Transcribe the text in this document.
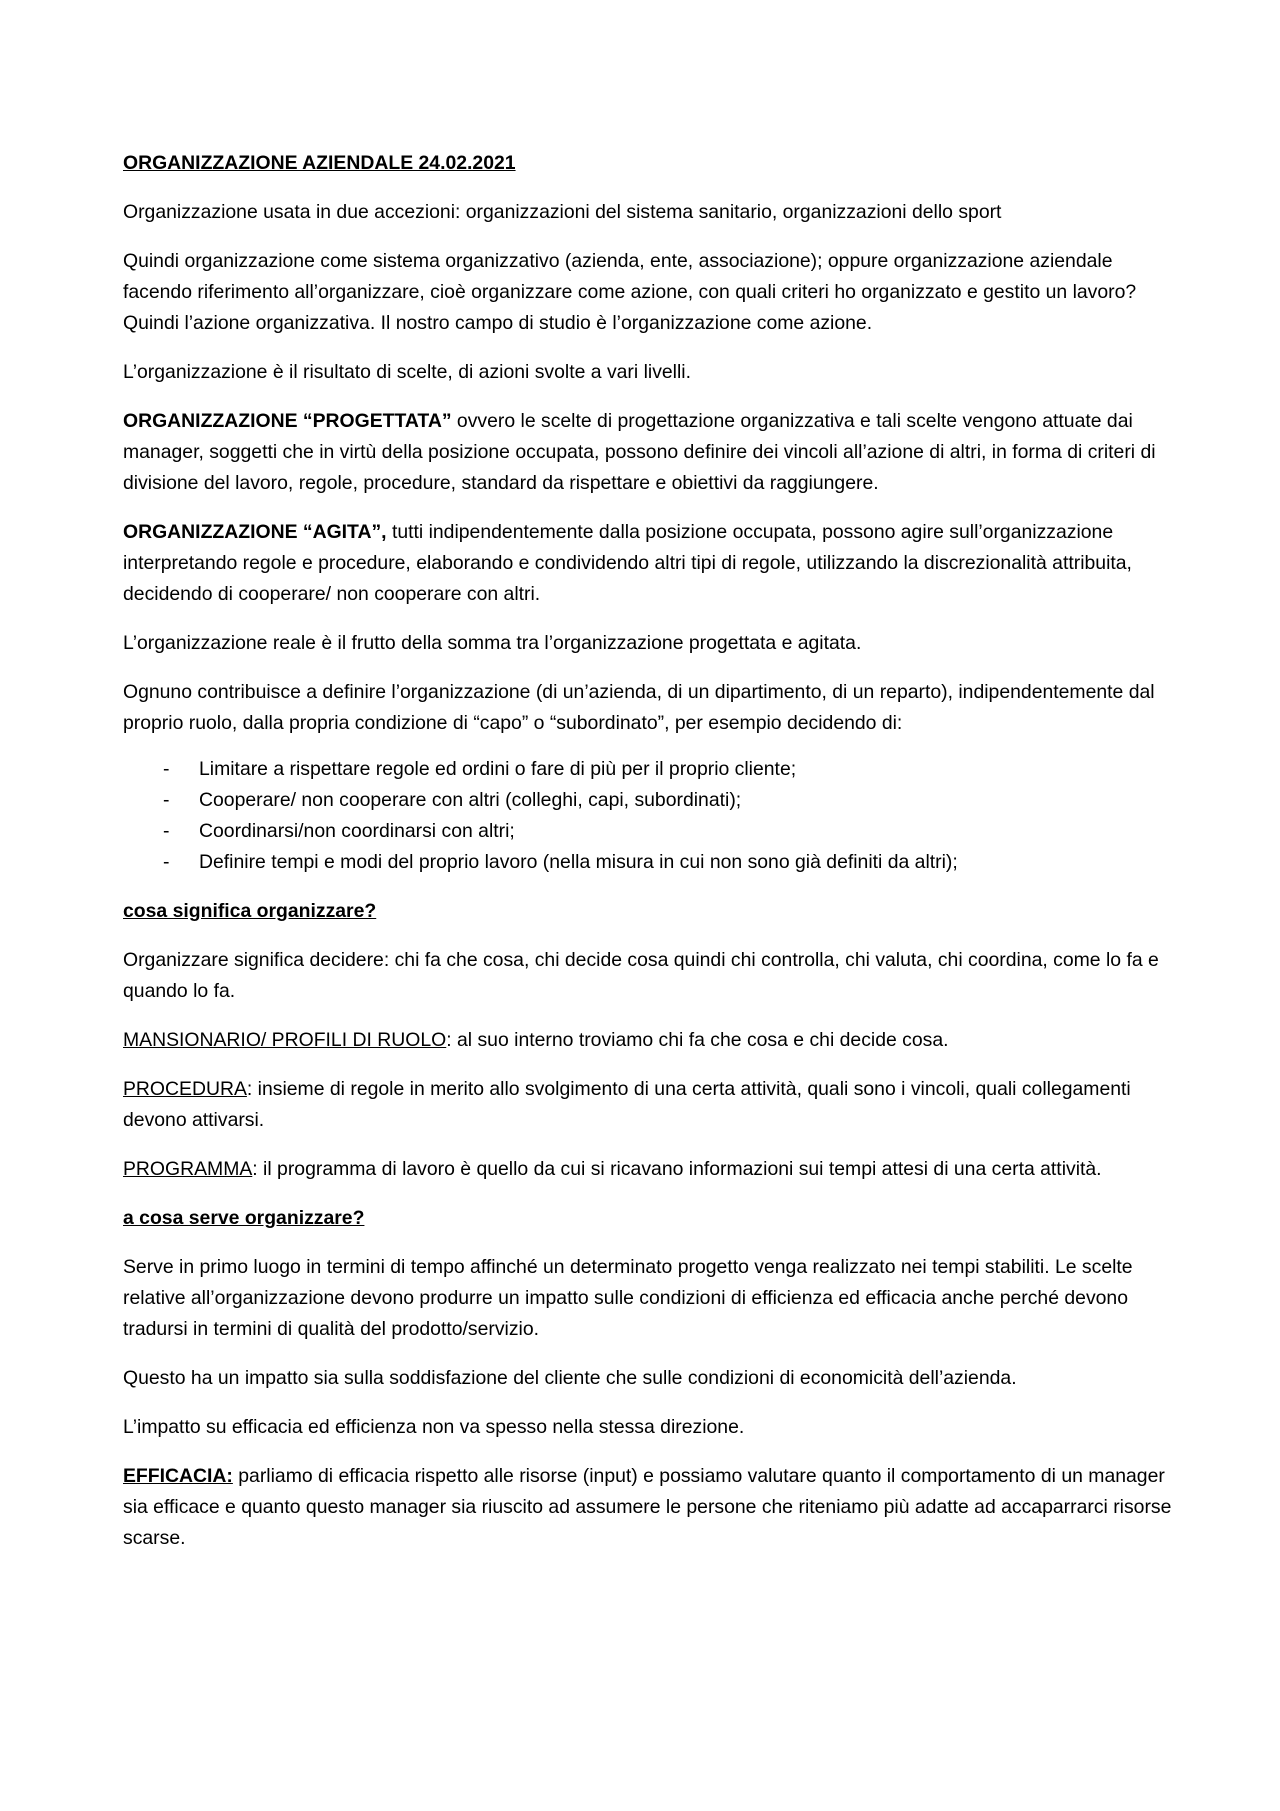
ORGANIZZAZIONE AZIENDALE 24.02.2021

Organizzazione usata in due accezioni: organizzazioni del sistema sanitario, organizzazioni dello sport

Quindi organizzazione come sistema organizzativo (azienda, ente, associazione); oppure organizzazione aziendale facendo riferimento all’organizzare, cioè organizzare come azione, con quali criteri ho organizzato e gestito un lavoro? Quindi l’azione organizzativa. Il nostro campo di studio è l’organizzazione come azione.

L’organizzazione è il risultato di scelte, di azioni svolte a vari livelli.

ORGANIZZAZIONE “PROGETTATA” ovvero le scelte di progettazione organizzativa e tali scelte vengono attuate dai manager, soggetti che in virtù della posizione occupata, possono definire dei vincoli all’azione di altri, in forma di criteri di divisione del lavoro, regole, procedure, standard da rispettare e obiettivi da raggiungere.

ORGANIZZAZIONE “AGITA”, tutti indipendentemente dalla posizione occupata, possono agire sull’organizzazione interpretando regole e procedure, elaborando e condividendo altri tipi di regole, utilizzando la discrezionalità attribuita, decidendo di cooperare/ non cooperare con altri.

L’organizzazione reale è il frutto della somma tra l’organizzazione progettata e agitata.

Ognuno contribuisce a definire l’organizzazione (di un’azienda, di un dipartimento, di un reparto), indipendentemente dal proprio ruolo, dalla propria condizione di “capo” o “subordinato”, per esempio decidendo di:

- Limitare a rispettare regole ed ordini o fare di più per il proprio cliente;
- Cooperare/ non cooperare con altri (colleghi, capi, subordinati);
- Coordinarsi/non coordinarsi con altri;
- Definire tempi e modi del proprio lavoro (nella misura in cui non sono già definiti da altri);

cosa significa organizzare?

Organizzare significa decidere: chi fa che cosa, chi decide cosa quindi chi controlla, chi valuta, chi coordina, come lo fa e quando lo fa.

MANSIONARIO/ PROFILI DI RUOLO: al suo interno troviamo chi fa che cosa e chi decide cosa.

PROCEDURA: insieme di regole in merito allo svolgimento di una certa attività, quali sono i vincoli, quali collegamenti devono attivarsi.

PROGRAMMA: il programma di lavoro è quello da cui si ricavano informazioni sui tempi attesi di una certa attività.

a cosa serve organizzare?

Serve in primo luogo in termini di tempo affinché un determinato progetto venga realizzato nei tempi stabiliti. Le scelte relative all’organizzazione devono produrre un impatto sulle condizioni di efficienza ed efficacia anche perché devono tradursi in termini di qualità del prodotto/servizio.

Questo ha un impatto sia sulla soddisfazione del cliente che sulle condizioni di economicità dell’azienda.

L’impatto su efficacia ed efficienza non va spesso nella stessa direzione.

EFFICACIA: parliamo di efficacia rispetto alle risorse (input) e possiamo valutare quanto il comportamento di un manager sia efficace e quanto questo manager sia riuscito ad assumere le persone che riteniamo più adatte ad accaparrarci risorse scarse.
